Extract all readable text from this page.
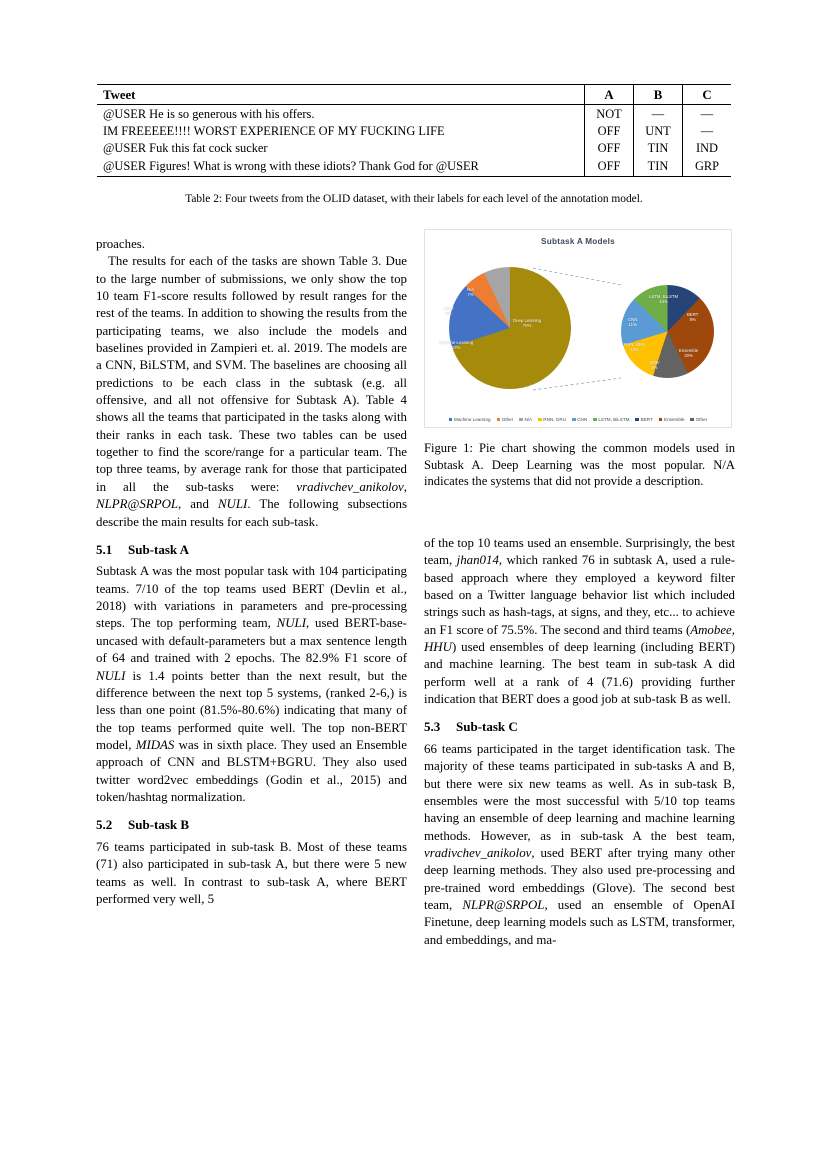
Tweet	A	B	C
@USER He is so generous with his offers.	NOT	—	—
IM FREEEEE!!!! WORST EXPERIENCE OF MY FUCKING LIFE	OFF	UNT	—
@USER Fuk this fat cock sucker	OFF	TIN	IND
@USER Figures! What is wrong with these idiots? Thank God for @USER	OFF	TIN	GRP
Table 2: Four tweets from the OLID dataset, with their labels for each level of the annotation model.

proaches.

The results for each of the tasks are shown Table 3. Due to the large number of submissions, we only show the top 10 team F1-score results followed by result ranges for the rest of the teams. In addition to showing the results from the participating teams, we also include the models and baselines provided in Zampieri et. al. 2019. The models are a CNN, BiLSTM, and SVM. The baselines are choosing all predictions to be each class in the subtask (e.g. all offensive, and all not offensive for Subtask A). Table 4 shows all the teams that participated in the tasks along with their ranks in each task. These two tables can be used together to find the score/range for a particular team. The top three teams, by average rank for those that participated in all the sub-tasks were: vradivchev_anikolov, NLPR@SRPOL, and NULI. The following subsections describe the main results for each sub-task.

5.1 Sub-task A

Subtask A was the most popular task with 104 participating teams. 7/10 of the top teams used BERT (Devlin et al., 2018) with variations in parameters and pre-processing steps. The top performing team, NULI, used BERT-base-uncased with default-parameters but a max sentence length of 64 and trained with 2 epochs. The 82.9% F1 score of NULI is 1.4 points better than the next result, but the difference between the next top 5 systems, (ranked 2-6,) is less than one point (81.5%-80.6%) indicating that many of the top teams performed quite well. The top non-BERT model, MIDAS was in sixth place. They used an Ensemble approach of CNN and BLSTM+BGRU. They also used twitter word2vec embeddings (Godin et al., 2015) and token/hashtag normalization.

5.2 Sub-task B

76 teams participated in sub-task B. Most of these teams (71) also participated in sub-task A, but there were 5 new teams as well. In contrast to sub-task A, where BERT performed very well, 5

Subtask A Models
Deep Learning
70%
Machine Learning
17%
Other
6%
N/A
7%	LSTM, BiLSTM
13%
BERT
8%
Ensemble
20%
Other
8%
RNN, GRU
10%
CNN
11%
Machine Learning Other N/A RNN, GRU CNN LSTM, BiLSTM BERT Ensemble Other
Figure 1: Pie chart showing the common models used in Subtask A. Deep Learning was the most popular. N/A indicates the systems that did not provide a description.

of the top 10 teams used an ensemble. Surprisingly, the best team, jhan014, which ranked 76 in subtask A, used a rule-based approach where they employed a keyword filter based on a Twitter language behavior list which included strings such as hash-tags, at signs, and they, etc... to achieve an F1 score of 75.5%. The second and third teams (Amobee, HHU) used ensembles of deep learning (including BERT) and machine learning. The best team in sub-task A did perform well at a rank of 4 (71.6) providing further indication that BERT does a good job at sub-task B as well.

5.3 Sub-task C

66 teams participated in the target identification task. The majority of these teams participated in sub-tasks A and B, but there were six new teams as well. As in sub-task B, ensembles were the most successful with 5/10 top teams having an ensemble of deep learning and machine learning methods. However, as in sub-task A the best team, vradivchev_anikolov, used BERT after trying many other deep learning methods. They also used pre-processing and pre-trained word embeddings (Glove). The second best team, NLPR@SRPOL, used an ensemble of OpenAI Finetune, deep learning models such as LSTM, transformer, and embeddings, and ma-
